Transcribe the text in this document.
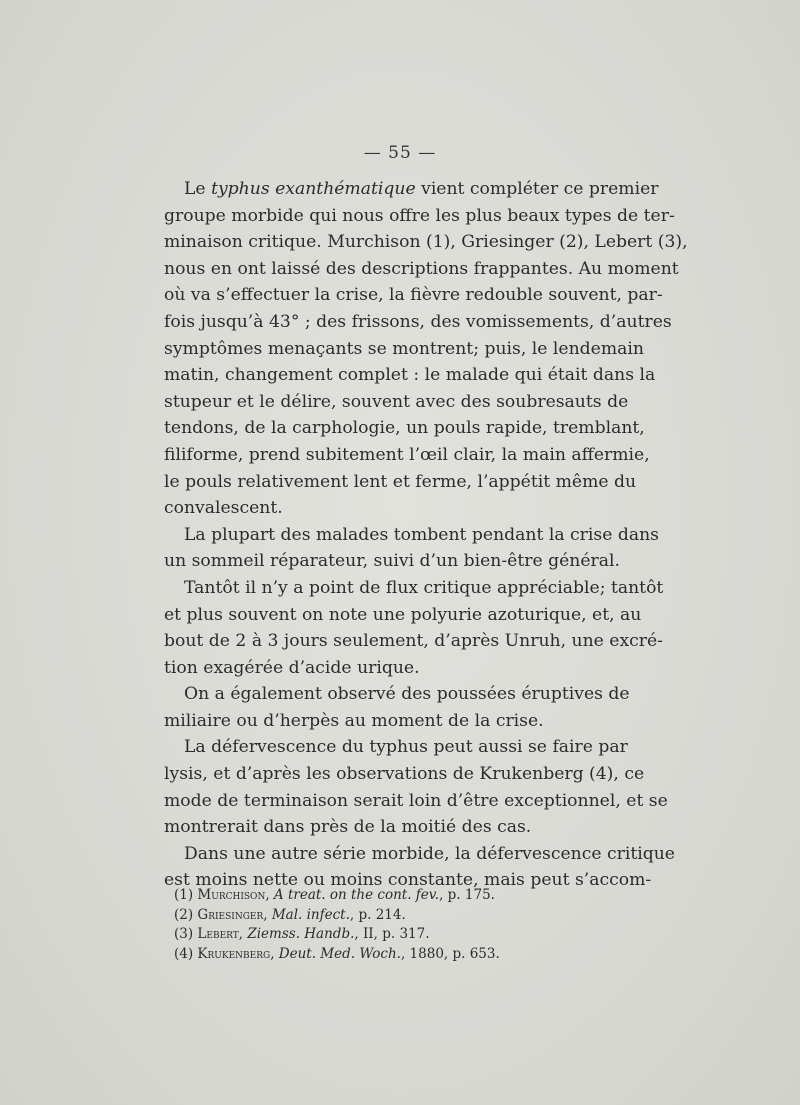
— 55 —
Le typhus exanthématique vient compléter ce premier
groupe morbide qui nous offre les plus beaux types de ter-
minaison critique. Murchison (1), Griesinger (2), Lebert (3),
nous en ont laissé des descriptions frappantes. Au moment
où va s’effectuer la crise, la fièvre redouble souvent, par-
fois jusqu’à 43° ; des frissons, des vomissements, d’autres
symptômes menaçants se montrent; puis, le lendemain
matin, changement complet : le malade qui était dans la
stupeur et le délire, souvent avec des soubresauts de
tendons, de la carphologie, un pouls rapide, tremblant,
filiforme, prend subitement l’œil clair, la main affermie,
le pouls relativement lent et ferme, l’appétit même du
convalescent.
La plupart des malades tombent pendant la crise dans
un sommeil réparateur, suivi d’un bien-être général.
Tantôt il n’y a point de flux critique appréciable; tantôt
et plus souvent on note une polyurie azoturique, et, au
bout de 2 à 3 jours seulement, d’après Unruh, une excré-
tion exagérée d’acide urique.
On a également observé des poussées éruptives de
miliaire ou d’herpès au moment de la crise.
La défervescence du typhus peut aussi se faire par
lysis, et d’après les observations de Krukenberg (4), ce
mode de terminaison serait loin d’être exceptionnel, et se
montrerait dans près de la moitié des cas.
Dans une autre série morbide, la défervescence critique
est moins nette ou moins constante, mais peut s’accom-
(1) Murchison, A treat. on the cont. fev., p. 175.
(2) Griesinger, Mal. infect., p. 214.
(3) Lebert, Ziemss. Handb., II, p. 317.
(4) Krukenberg, Deut. Med. Woch., 1880, p. 653.
